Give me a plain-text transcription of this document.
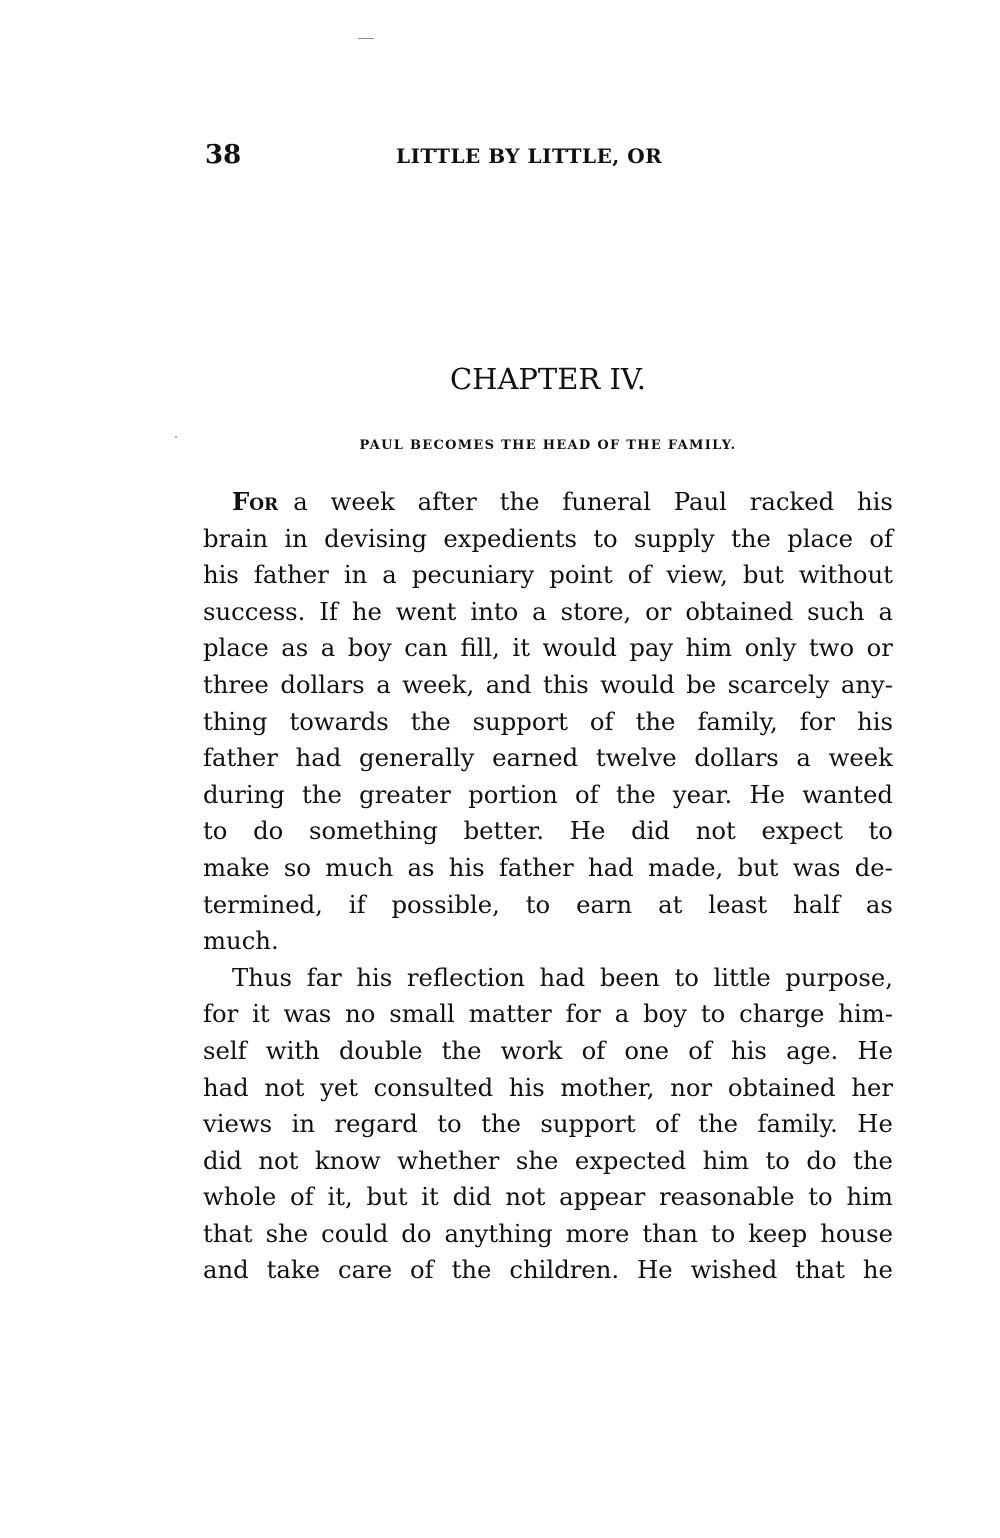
38	LITTLE BY LITTLE, OR
CHAPTER IV.
PAUL BECOMES THE HEAD OF THE FAMILY.
For a week after the funeral Paul racked his
brain in devising expedients to supply the place of
his father in a pecuniary point of view, but without
success. If he went into a store, or obtained such a
place as a boy can fill, it would pay him only two or
three dollars a week, and this would be scarcely any-
thing towards the support of the family, for his
father had generally earned twelve dollars a week
during the greater portion of the year. He wanted
to do something better. He did not expect to
make so much as his father had made, but was de-
termined, if possible, to earn at least half as
much.
Thus far his reflection had been to little purpose,
for it was no small matter for a boy to charge him-
self with double the work of one of his age. He
had not yet consulted his mother, nor obtained her
views in regard to the support of the family. He
did not know whether she expected him to do the
whole of it, but it did not appear reasonable to him
that she could do anything more than to keep house
and take care of the children. He wished that he
